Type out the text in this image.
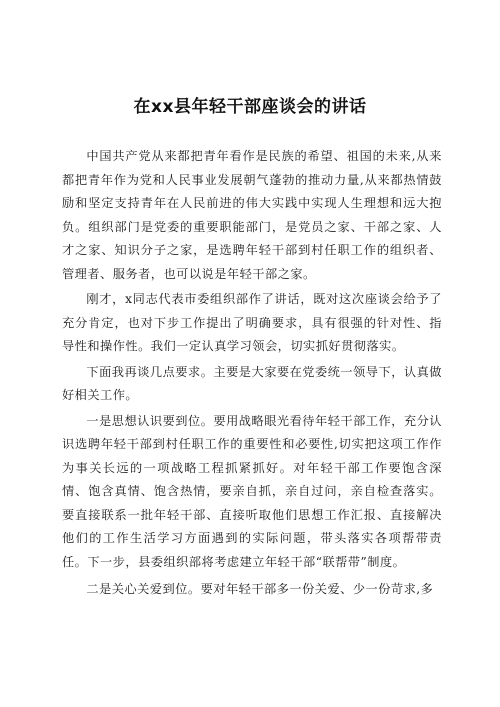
在xx县年轻干部座谈会的讲话

中国共产党从来都把青年看作是民族的希望、祖国的未来,从来都把青年作为党和人民事业发展朝气蓬勃的推动力量,从来都热情鼓励和坚定支持青年在人民前进的伟大实践中实现人生理想和远大抱负。组织部门是党委的重要职能部门，是党员之家、干部之家、人才之家、知识分子之家，是选聘年轻干部到村任职工作的组织者、管理者、服务者，也可以说是年轻干部之家。

刚才，x同志代表市委组织部作了讲话，既对这次座谈会给予了充分肯定，也对下步工作提出了明确要求，具有很强的针对性、指导性和操作性。我们一定认真学习领会，切实抓好贯彻落实。

下面我再谈几点要求。主要是大家要在党委统一领导下，认真做好相关工作。

一是思想认识要到位。要用战略眼光看待年轻干部工作，充分认识选聘年轻干部到村任职工作的重要性和必要性,切实把这项工作作为事关长远的一项战略工程抓紧抓好。对年轻干部工作要饱含深情、饱含真情、饱含热情，要亲自抓，亲自过问，亲自检查落实。要直接联系一批年轻干部、直接听取他们思想工作汇报、直接解决他们的工作生活学习方面遇到的实际问题，带头落实各项帮带责任。下一步，县委组织部将考虑建立年轻干部“联帮带”制度。

二是关心关爱到位。要对年轻干部多一份关爱、少一份苛求,多
